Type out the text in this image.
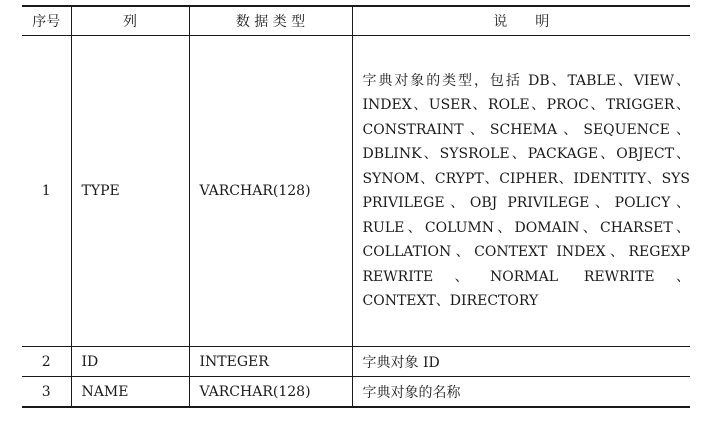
序号	列	数 据 类 型	说　　明
1	TYPE	VARCHAR(128)	字典对象的类型，包括 DB、TABLE、VIEW、INDEX、USER、ROLE、PROC、TRIGGER、CONSTRAINT、SCHEMA、SEQUENCE、DBLINK、SYSROLE、PACKAGE、OBJECT、SYNOM、CRYPT、CIPHER、IDENTITY、SYS PRIVILEGE、OBJ PRIVILEGE、POLICY、RULE、COLUMN、DOMAIN、CHARSET、COLLATION、CONTEXT INDEX、REGEXP REWRITE、NORMAL REWRITE、CONTEXT、DIRECTORY
2	ID	INTEGER	字典对象 ID
3	NAME	VARCHAR(128)	字典对象的名称
